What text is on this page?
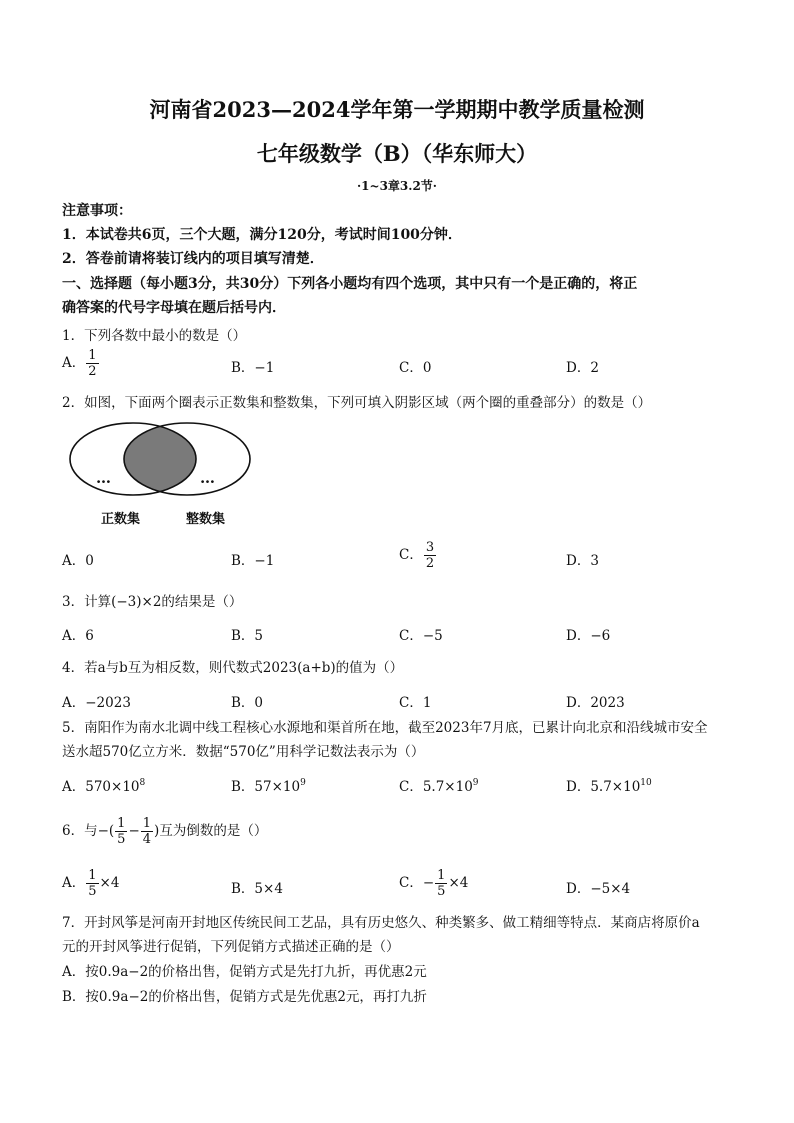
河南省2023—2024学年第一学期期中教学质量检测
七年级数学（B）（华东师大）
·1~3章3.2节·
注意事项：
1．本试卷共6页，三个大题，满分120分，考试时间100分钟．
2．答卷前请将装订线内的项目填写清楚．
一、选择题（每小题3分，共30分）下列各小题均有四个选项，其中只有一个是正确的，将正
确答案的代号字母填在题后括号内．
1．下列各数中最小的数是（）
A． $\frac{1}{2}$	B．−1	C．0	D．2
2．如图，下面两个圈表示正数集和整数集，下列可填入阴影区域（两个圈的重叠部分）的数是（）
…	…
正数集	整数集
A．0	B．−1	C． $\frac{3}{2}$	D．3
3．计算(−3)×2的结果是（）
A．6	B．5	C．−5	D．−6
4．若a与b互为相反数，则代数式2023(a+b)的值为（）
A．−2023	B．0	C．1	D．2023
5．南阳作为南水北调中线工程核心水源地和渠首所在地，截至2023年7月底，已累计向北京和沿线城市安全
送水超570亿立方米．数据“570亿”用科学记数法表示为（）
A．$570\times 10^8$	B．$57\times 10^9$	C．$5.7\times 10^9$	D．$5.7\times 10^{10}$
6．与−( $\frac{1}{5} - \frac{1}{4}$ )互为倒数的是（）
A． $\frac{1}{5} \times 4$	B．5×4	C．− $\frac{1}{5} \times 4$	D．−5×4
7．开封风筝是河南开封地区传统民间工艺品，具有历史悠久、种类繁多、做工精细等特点．某商店将原价a
元的开封风筝进行促销，下列促销方式描述正确的是（）
A．按0.9a−2的价格出售，促销方式是先打九折，再优惠2元
B．按0.9a−2的价格出售，促销方式是先优惠2元，再打九折
